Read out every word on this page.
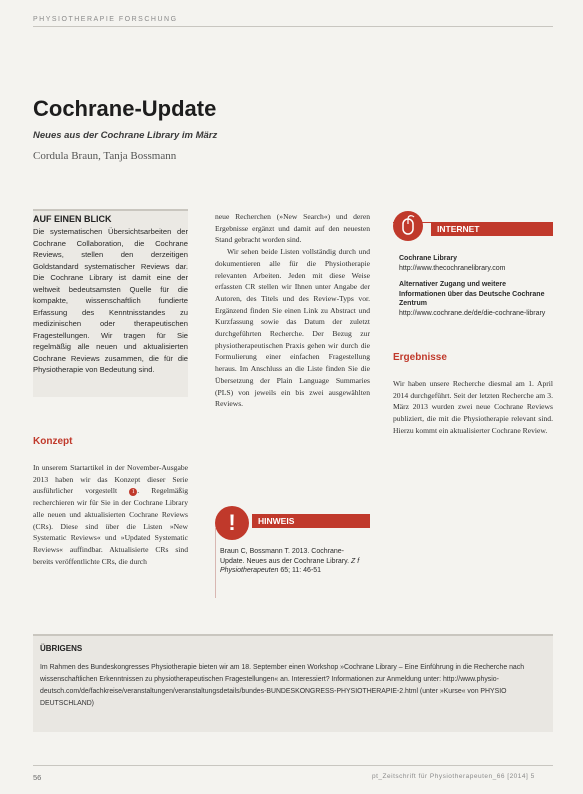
PHYSIOTHERAPIE FORSCHUNG
Cochrane-Update
Neues aus der Cochrane Library im März
Cordula Braun, Tanja Bossmann
AUF EINEN BLICK

Die systematischen Übersichtsarbeiten der Cochrane Collaboration, die Cochrane Reviews, stellen den derzeitigen Goldstandard systematischer Reviews dar. Die Cochrane Library ist damit eine der weltweit bedeutsamsten Quelle für die kompakte, wissenschaftlich fundierte Erfassung des Kenntnisstandes zu medizinischen oder therapeutischen Fragestellungen. Wir tragen für Sie regelmäßig alle neuen und aktualisierten Cochrane Reviews zusammen, die für die Physiotherapie von Bedeutung sind.

Konzept

In unserem Startartikel in der November-Ausgabe 2013 haben wir das Konzept dieser Serie ausführlicher vorgestellt 1 . Regelmäßig recherchieren wir für Sie in der Cochrane Library alle neuen und aktualisierten Cochrane Reviews (CRs). Diese sind über die Listen »New Systematic Reviews« und »Updated Systematic Reviews« auffindbar. Aktualisierte CRs sind bereits veröffentlichte CRs, die durch

neue Recherchen (»New Search«) und deren Ergebnisse ergänzt und damit auf den neuesten Stand gebracht worden sind.

Wir sehen beide Listen vollständig durch und dokumentieren alle für die Physiotherapie relevanten Arbeiten. Jeden mit diese Weise erfassten CR stellen wir Ihnen unter Angabe der Autoren, des Titels und des Review-Typs vor. Ergänzend finden Sie einen Link zu Abstract und Kurzfassung sowie das Datum der zuletzt durchgeführten Recherche. Der Bezug zur physiotherapeutischen Praxis gehen wir durch die Formulierung einer einfachen Fragestellung heraus. Im Anschluss an die Liste finden Sie die Übersetzung der Plain Language Summaries (PLS) von jeweils ein bis zwei ausgewählten Reviews.

INTERNET

Cochrane Library
http://www.thecochranelibrary.com

Alternativer Zugang und weitere Informationen über das Deutsche Cochrane Zentrum
http://www.cochrane.de/de/die-cochrane-library

Ergebnisse

Wir haben unsere Recherche diesmal am 1. April 2014 durchgeführt. Seit der letzten Recherche am 3. März 2013 wurden zwei neue Cochrane Reviews publiziert, die mit die Physiotherapie relevant sind. Hierzu kommt ein aktualisierter Cochrane Review.

!	HINWEIS
Braun C, Bossmann T. 2013. Cochrane-Update. Neues aus der Cochrane Library. Z f Physiotherapeuten 65; 11: 46-51
ÜBRIGENS
Im Rahmen des Bundeskongresses Physiotherapie bieten wir am 18. September einen Workshop »Cochrane Library – Eine Einführung in die Recherche nach wissenschaftlichen Erkenntnissen zu physiotherapeutischen Fragestellungen« an. Interessiert? Informationen zur Anmeldung unter: http://www.physio-deutsch.com/de/fachkreise/veranstaltungen/veranstaltungsdetails/bundes-BUNDESKONGRESS-PHYSIOTHERAPIE-2.html (unter »Kurse« von PHYSIO DEUTSCHLAND)
56	pt_Zeitschrift für Physiotherapeuten_66 [2014] 5
